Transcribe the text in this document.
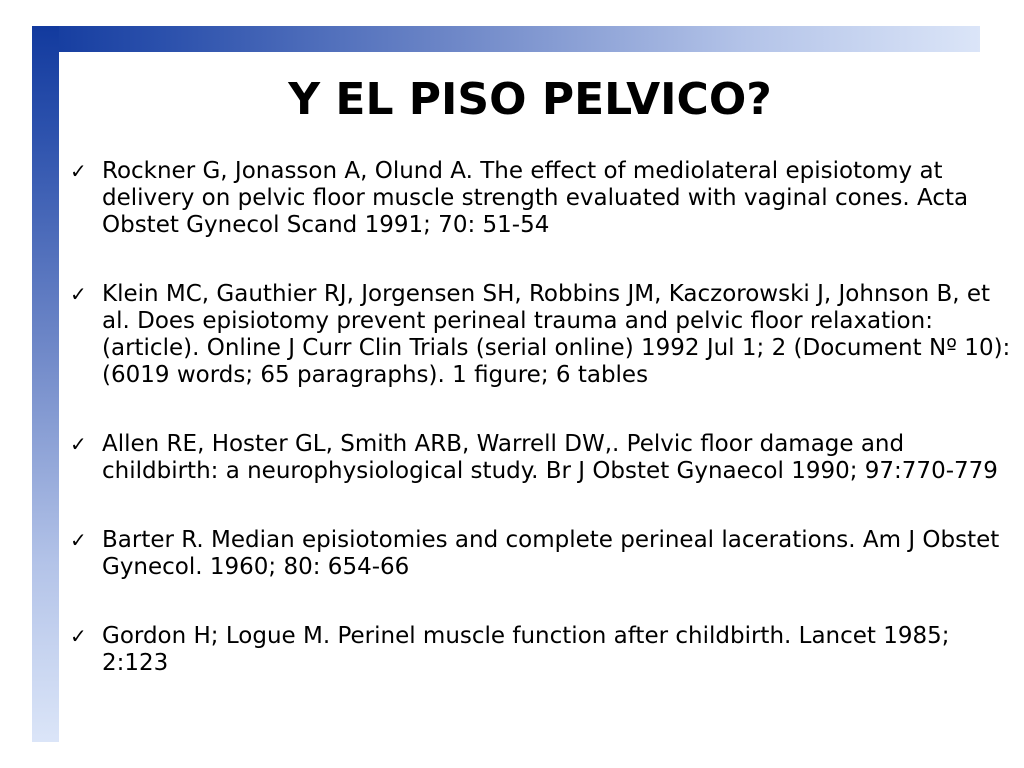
Y EL PISO PELVICO?
✓ Rockner G, Jonasson A, Olund A. The effect of mediolateral episiotomy at delivery on pelvic floor muscle strength evaluated with vaginal cones. Acta Obstet Gynecol Scand 1991; 70: 51-54
✓ Klein MC, Gauthier RJ, Jorgensen SH, Robbins JM, Kaczorowski J, Johnson B, et al. Does episiotomy prevent perineal trauma and pelvic floor relaxation: (article). Online J Curr Clin Trials (serial online) 1992 Jul 1; 2 (Document Nº 10): (6019 words; 65 paragraphs). 1 figure; 6 tables
✓ Allen RE, Hoster GL, Smith ARB, Warrell DW,. Pelvic floor damage and childbirth: a neurophysiological study. Br J Obstet Gynaecol 1990; 97:770-779
✓ Barter R. Median episiotomies and complete perineal lacerations. Am J Obstet Gynecol. 1960; 80: 654-66
✓ Gordon H; Logue M. Perinel muscle function after childbirth. Lancet 1985; 2:123
